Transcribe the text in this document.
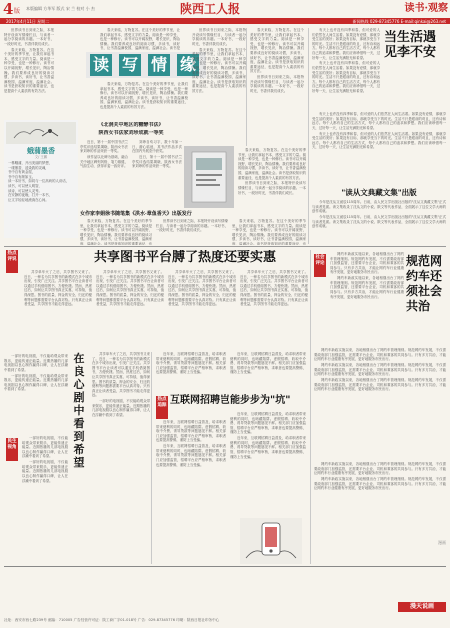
4 版	本版编辑 方华军 版式 宋 兰 校对 小 杰	陕西工人报	读书·观察
2017年4月11日 星期二	新闻热线 029-87345776 E-mail:qinkai@263.net

世界读书日到来之际，本报特开设读写情缘栏目，与读者一起分享阅读的乐趣。一本好书，一段好时光，书香伴我们成长。

春天来临，万物复苏。在这个美好的季节里，让我们拿起书本，感受文字的力量。阅读是一种享受，也是一种修行。读书可以开阔视野，增长见识，陶冶情操。我们要养成良好的阅读习惯，多读书，读好书，让书香溢满校园，溢满家庭，溢满社会。读书是获取知识的重要途径，也是提高个人素质的有效方法。

读 写 情 缘

春天来临，万物复苏。在这个美好的季节里，让我们拿起书本，感受文字的力量。阅读是一种享受，也是一种修行。读书可以开阔视野，增长见识，陶冶情操。我们要养成良好的阅读习惯，多读书，读好书，让书香溢满校园，溢满家庭，溢满社会。读书是

春天来临，万物复苏。在这个美好的季节里，让我们拿起书本，感受文字的力量。阅读是一种享受，也是一种修行。读书可以开阔视野，增长见识，陶冶情操。我们要养成良好的阅读习惯，多读书，读好书，让书香溢满校园，溢满家庭，溢满社会。读书是获取知识的重要途径，也是提高个人素质的有效方法。

世界读书日到来之际，本报特开设读写情缘栏目，与读者一起分享阅读的乐趣。一本好书，一段好时光，书香伴我们成长。

春天来临，万物复苏。在这个美好的季节里，让我们拿起书本，感受文字的力量。阅读是一种享受，也是一种修行。读书可以开阔视野，增长见识，陶冶情操。我们要养成良好的阅读习惯，多读书，读好书，让书香溢满校园，溢满家庭，溢满社会。读书是获取知识的重要途径，也是提高个人素质的有效方法。

春天来临，万物复苏。在这个美好的季节里，让我们拿起书本，感受文字的力量。阅读是一种享受，也是一种修行。读书可以开阔视野，增长见识，陶冶情操。我们要养成良好的阅读习惯，多读书，读好书，让书香溢满校园，溢满家庭，溢满社会。读书是获取知识的重要途径，也是提高个人素质的有效方法。

世界读书日到来之际，本报特开设读写情缘栏目，与读者一起分享阅读的乐趣。一本好书，一段好时光，书香伴我们成长。

蛾蒲墨香
文/ 王鹏
一株蛾蒲，开出美丽的梦想，
一缕墨香，浸染我的灵魂，
书中自有黄金屋，
书中自有颜如玉。
读一本好书，如同与一位高尚的人谈话，
读书，可以使人明智，
读诗，可以使人灵秀。
在安静的夜晚，打开一本书，
让文字轻轻地流淌在心间。
《北洞关中地区的糖酵书法》
陕西女书法家刘珍成就一等奖

近日，第十一届中国书法兰亭奖评选结果揭晓，陕西女书法家刘珍的作品荣获一等奖。

该作品以北碑为基础，融合关中地区碑刻风格，笔力雄健，气韵生动，获得评委一致好评。

刘珍自幼习字，数十年如一日，潜心临池，其书法作品多次在国内外展览中获奖。

近日，第十一届中国书法兰亭奖评选结果揭晓，陕西女书法家刘珍的作品荣获一等奖。

春天来临，万物复苏。在这个美好的季节里，让我们拿起书本，感受文字的力量。阅读是一种享受，也是一种修行。读书可以开阔视野，增长见识，陶冶情操。我们要养成良好的阅读习惯，多读书，读好书，让书香溢满校园，溢满家庭，溢满社会。读书是获取知识的重要途径，也是提高个人素质的有效方法。

世界读书日到来之际，本报特开设读写情缘栏目，与读者一起分享阅读的乐趣。一本好书，一段好时光，书香伴我们成长。

女作家李娟徐书随笔集《洪水·章鱼香天》出版发行

春天来临，万物复苏。在这个美好的季节里，让我们拿起书本，感受文字的力量。阅读是一种享受，也是一种修行。读书可以开阔视野，增长见识，陶冶情操。我们要养成良好的阅读习惯，多读书，读好书，让书香溢满校园，溢满家庭，溢满社会。读书是获取知识的重要途径，也

世界读书日到来之际，本报特开设读写情缘栏目，与读者一起分享阅读的乐趣。一本好书，一段好时光，书香伴我们成长。

春天来临，万物复苏。在这个美好的季节里，让我们拿起书本，感受文字的力量。阅读是一种享受，也是一种修行。读书可以开阔视野，增长见识，陶冶情操。我们要养成良好的阅读习惯，多读书，读好书，让书香溢满校园，溢满家庭，溢满社会。读书是获取知识的重要途径，也

有天上也许没有四季和春，但可爱的人们依然在人间生活着。如果没有爱情，那就享受生活的美好；如果没有目标，那就享受当下的时光。生活不只是眼前的苟且，还有诗和远方。每个人都有自己的生活方式，每个人都有自己的追求和梦想。我们应该珍惜每一天，过好每一天，让生活充满阳光和希望。

有天上也许没有四季和春，但可爱的人们依然在人间生活着。如果没有爱情，那就享受生活的美好；如果没有目标，那就享受当下的时光。生活不只是眼前的苟且，还有诗和远方。每个人都有自己的生活方式，每个人都有自己的追求和梦想。我们应该珍惜每一天，过好每一天，让生活充满阳光和希望。

当生活遇见李不安

有天上也许没有四季和春，但可爱的人们依然在人间生活着。如果没有爱情，那就享受生活的美好；如果没有目标，那就享受当下的时光。生活不只是眼前的苟且，还有诗和远方。每个人都有自己的生活方式，每个人都有自己的追求和梦想。我们应该珍惜每一天，过好每一天，让生活充满阳光和希望。

有天上也许没有四季和春，但可爱的人们依然在人间生活着。如果没有爱情，那就享受生活的美好；如果没有目标，那就享受当下的时光。生活不只是眼前的苟且，还有诗和远方。每个人都有自己的生活方式，每个人都有自己的追求和梦想。我们应该珍惜每一天，过好每一天，让生活充满阳光和希望。

"读从文典藏文集"出版

今年是沈从文诞辰115周年。日前，由人民文学出版社出版的"沈从文典藏文集"正式与读者见面。该文集收录了沈从文的小说、散文等代表作品，全面展示了这位文学大师的创作成就。

今年是沈从文诞辰115周年。日前，由人民文学出版社出版的"沈从文典藏文集"正式与读者见面。该文集收录了沈从文的小说、散文等代表作品，全面展示了这位文学大师的创作成就。

热点评说	共享图书平台膊了热度还要实惠

共享单车火了之后，共享图书又来了。近日，一种名为共享图书的新模式在多个城市出现，引发广泛关注。共享图书平台让读者可以通过手机借阅图书，方便快捷。然而，热度过后，如何让共享图书真正实惠、可持续，值得深思。图书的质量、押金的安全、归还的便利等问题都需要平台认真对待。只有真正让读者受益，共享图书才能走得更远。

共享单车火了之后，共享图书又来了。近日，一种名为共享图书的新模式在多个城市出现，引发广泛关注。共享图书平台让读者可以通过手机借阅图书，方便快捷。然而，热度过后，如何让共享图书真正实惠、可持续，值得深思。图书的质量、押金的安全、归还的便利等问题都需要平台认真对待。只有真正让读者受益，共享图书才能走得更远。

共享单车火了之后，共享图书又来了。近日，一种名为共享图书的新模式在多个城市出现，引发广泛关注。共享图书平台让读者可以通过手机借阅图书，方便快捷。然而，热度过后，如何让共享图书真正实惠、可持续，值得深思。图书的质量、押金的安全、归还的便利等问题都需要平台认真对待。只有真正让读者受益，共享图书才能走得更远。

共享单车火了之后，共享图书又来了。近日，一种名为共享图书的新模式在多个城市出现，引发广泛关注。共享图书平台让读者可以通过手机借阅图书，方便快捷。然而，热度过后，如何让共享图书真正实惠、可持续，值得深思。图书的质量、押金的安全、归还的便利等问题都需要平台认真对待。只有真正让读者受益，共享图书才能走得更远。

一部好的电视剧，不仅能给观众带来娱乐，更能传递正能量。近期热播的几部电视剧以良心制作赢得口碑，让人在浮躁中看到了希望。

一部好的电视剧，不仅能给观众带来娱乐，更能传递正能量。近期热播的几部电视剧以良心制作赢得口碑，让人在浮躁中看到了希望。

在良心剧中看到希望
民生视角

一部好的电视剧，不仅能给观众带来娱乐，更能传递正能量。近期热播的几部电视剧以良心制作赢得口碑，让人在浮躁中看到了希望。

一部好的电视剧，不仅能给观众带来娱乐，更能传递正能量。近期热播的几部电视剧以良心制作赢得口碑，让人在浮躁中看到了希望。

共享单车火了之后，共享图书又来了。近日，一种名为共享图书的新模式在多个城市出现，引发广泛关注。共享图书平台让读者可以通过手机借阅图书，方便快捷。然而，热度过后，如何让共享图书真正实惠、可持续，值得深思。图书的质量、押金的安全、归还的便利等问题都需要平台认真对待。只有真正让读者受益，共享图书才能走得更远。

一部好的电视剧，不仅能给观众带来娱乐，更能传递正能量。近期热播的几部电视剧以良心制作赢得口碑，让人在浮躁中看到了希望。

近年来，互联网招聘日益普及，给求职者带来便利的同时，也暗藏陷阱。虚假招聘、收取中介费、诱导贷款等问题屡见不鲜。相关部门应加强监管，招聘平台应严格审核，求职者也要提高警惕，谨防上当受骗。

近年来，互联网招聘日益普及，给求职者带来便利的同时，也暗藏陷阱。虚假招聘、收取中介费、诱导贷款等问题屡见不鲜。相关部门应加强监管，招聘平台应严格审核，求职者也要提高警惕，谨防上当受骗。

互联网招聘岂能步步为"坑"
热点追踪

近年来，互联网招聘日益普及，给求职者带来便利的同时，也暗藏陷阱。虚假招聘、收取中介费、诱导贷款等问题屡见不鲜。相关部门应加强监管，招聘平台应严格审核，求职者也要提高警惕，谨防上当受骗。

近年来，互联网招聘日益普及，给求职者带来便利的同时，也暗藏陷阱。虚假招聘、收取中介费、诱导贷款等问题屡见不鲜。相关部门应加强监管，招聘平台应严格审核，求职者也要提高警惕，谨防上当受骗。

近年来，互联网招聘日益普及，给求职者带来便利的同时，也暗藏陷阱。虚假招聘、收取中介费、诱导贷款等问题屡见不鲜。相关部门应加强监管，招聘平台应严格审核，求职者也要提高警惕，谨防上当受骗。

近年来，互联网招聘日益普及，给求职者带来便利的同时，也暗藏陷阱。虚假招聘、收取中介费、诱导贷款等问题屡见不鲜。相关部门应加强监管，招聘平台应严格审核，求职者也要提高警惕，谨防上当受骗。

社会评论

网约车新政实施以来，各地相继出台了网约车管理细则。规范网约车发展，不仅需要政府部门加强监管，还需要平台企业、司机和乘客的共同参与。只有多方共治，才能让网约车行业健康有序发展，更好地服务市民出行。

网约车新政实施以来，各地相继出台了网约车管理细则。规范网约车发展，不仅需要政府部门加强监管，还需要平台企业、司机和乘客的共同参与。只有多方共治，才能让网约车行业健康有序发展，更好地服务市民出行。

规范网约车还须社会共治

网约车新政实施以来，各地相继出台了网约车管理细则。规范网约车发展，不仅需要政府部门加强监管，还需要平台企业、司机和乘客的共同参与。只有多方共治，才能让网约车行业健康有序发展，更好地服务市民出行。

网约车新政实施以来，各地相继出台了网约车管理细则。规范网约车发展，不仅需要政府部门加强监管，还需要平台企业、司机和乘客的共同参与。只有多方共治，才能让网约车行业健康有序发展，更好地服务市民出行。

网约车新政实施以来，各地相继出台了网约车管理细则。规范网约车发展，不仅需要政府部门加强监管，还需要平台企业、司机和乘客的共同参与。只有多方共治，才能让网约车行业健康有序发展，更好地服务市民出行。

网约车新政实施以来，各地相继出台了网约车管理细则。规范网约车发展，不仅需要政府部门加强监管，还需要平台企业、司机和乘客的共同参与。只有多方共治，才能让网约车行业健康有序发展，更好地服务市民出行。

网约车新政实施以来，各地相继出台了网约车管理细则。规范网约车发展，不仅需要政府部门加强监管，还需要平台企业、司机和乘客的共同参与。只有多方共治，才能让网约车行业健康有序发展，更好地服务市民出行。

漫画
漫天说画
社址：西安市西七路239号 邮编：710005 广告经营许可证：陕工商广字01-018号 广告：029-87345776 印刷：陕西日报社印务中心
